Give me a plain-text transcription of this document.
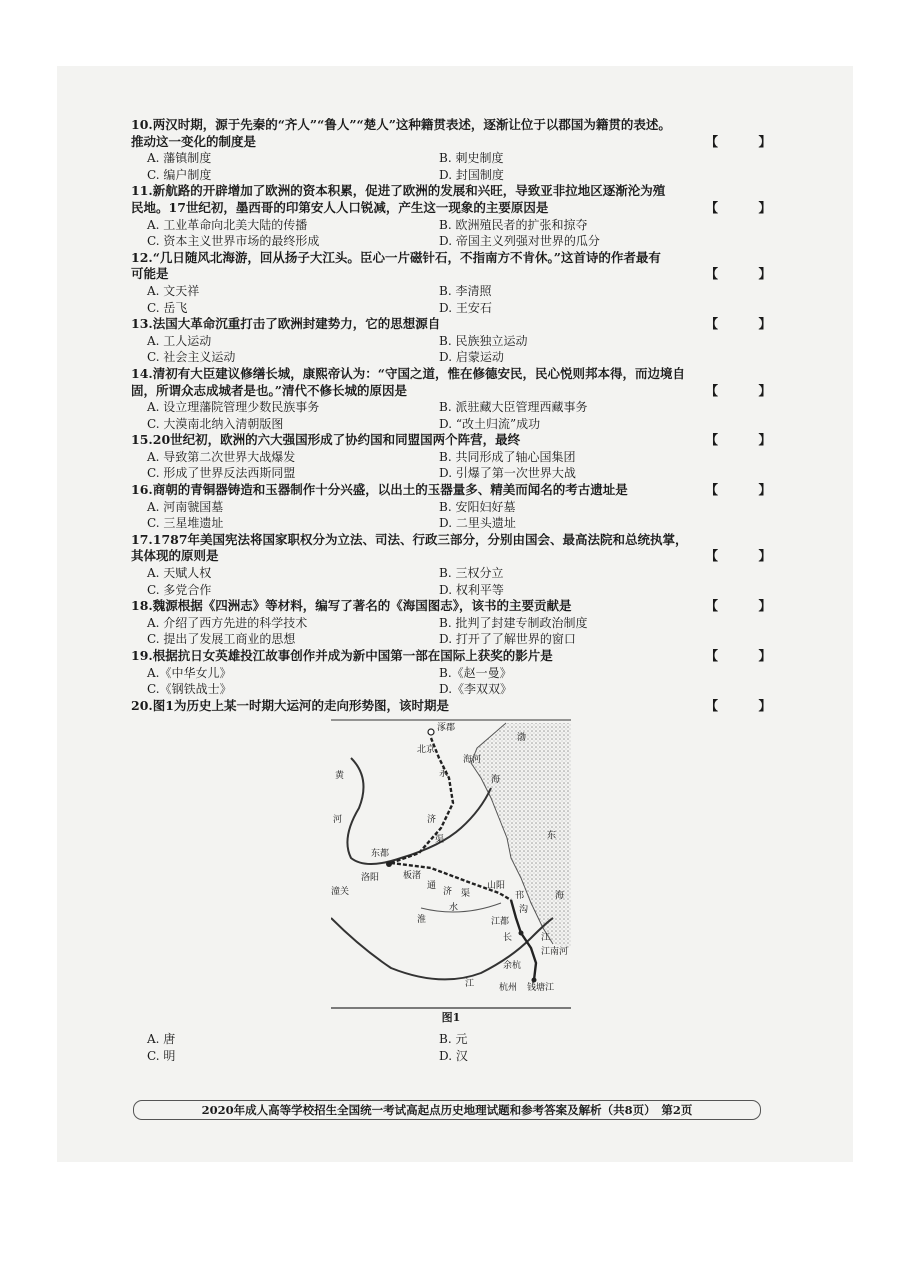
10.两汉时期，源于先秦的“齐人”“鲁人”“楚人”这种籍贯表述，逐渐让位于以郡国为籍贯的表述。
推动这一变化的制度是	【　】
A. 藩镇制度	B. 刺史制度
C. 编户制度	D. 封国制度
11.新航路的开辟增加了欧洲的资本积累，促进了欧洲的发展和兴旺，导致亚非拉地区逐渐沦为殖
民地。17世纪初，墨西哥的印第安人人口锐减，产生这一现象的主要原因是	【　】
A. 工业革命向北美大陆的传播	B. 欧洲殖民者的扩张和掠夺
C. 资本主义世界市场的最终形成	D. 帝国主义列强对世界的瓜分
12.“几日随风北海游，回从扬子大江头。臣心一片磁针石，不指南方不肯休。”这首诗的作者最有
可能是	【　】
A. 文天祥	B. 李清照
C. 岳飞	D. 王安石
13.法国大革命沉重打击了欧洲封建势力，它的思想源自	【　】
A. 工人运动	B. 民族独立运动
C. 社会主义运动	D. 启蒙运动
14.清初有大臣建议修缮长城，康熙帝认为：“守国之道，惟在修德安民，民心悦则邦本得，而边境自
固，所谓众志成城者是也。”清代不修长城的原因是	【　】
A. 设立理藩院管理少数民族事务	B. 派驻藏大臣管理西藏事务
C. 大漠南北纳入清朝版图	D. “改土归流”成功
15.20世纪初，欧洲的六大强国形成了协约国和同盟国两个阵营，最终	【　】
A. 导致第二次世界大战爆发	B. 共同形成了轴心国集团
C. 形成了世界反法西斯同盟	D. 引爆了第一次世界大战
16.商朝的青铜器铸造和玉器制作十分兴盛，以出土的玉器量多、精美而闻名的考古遗址是	【　】
A. 河南虢国墓	B. 安阳妇好墓
C. 三星堆遗址	D. 二里头遗址
17.1787年美国宪法将国家职权分为立法、司法、行政三部分，分别由国会、最高法院和总统执掌，
其体现的原则是	【　】
A. 天赋人权	B. 三权分立
C. 多党合作	D. 权利平等
18.魏源根据《四洲志》等材料，编写了著名的《海国图志》，该书的主要贡献是	【　】
A. 介绍了西方先进的科学技术	B. 批判了封建专制政治制度
C. 提出了发展工商业的思想	D. 打开了了解世界的窗口
19.根据抗日女英雄投江故事创作并成为新中国第一部在国际上获奖的影片是	【　】
A.《中华女儿》	B.《赵一曼》
C.《钢铁战士》	D.《李双双》
20.图1为历史上某一时期大运河的走向形势图，该时期是	【　】
涿郡
北京
永
海河
渤
海
黄
河	济
渠
东都
洛阳	板渚
通
济 渠
水
潼关
淮
山阳
邗
沟
江都
长	江
江南河
余杭
杭州 钱塘江
东
海
江
图1
A. 唐	B. 元
C. 明	D. 汉
2020年成人高等学校招生全国统一考试高起点历史地理试题和参考答案及解析（共8页）　第2页
